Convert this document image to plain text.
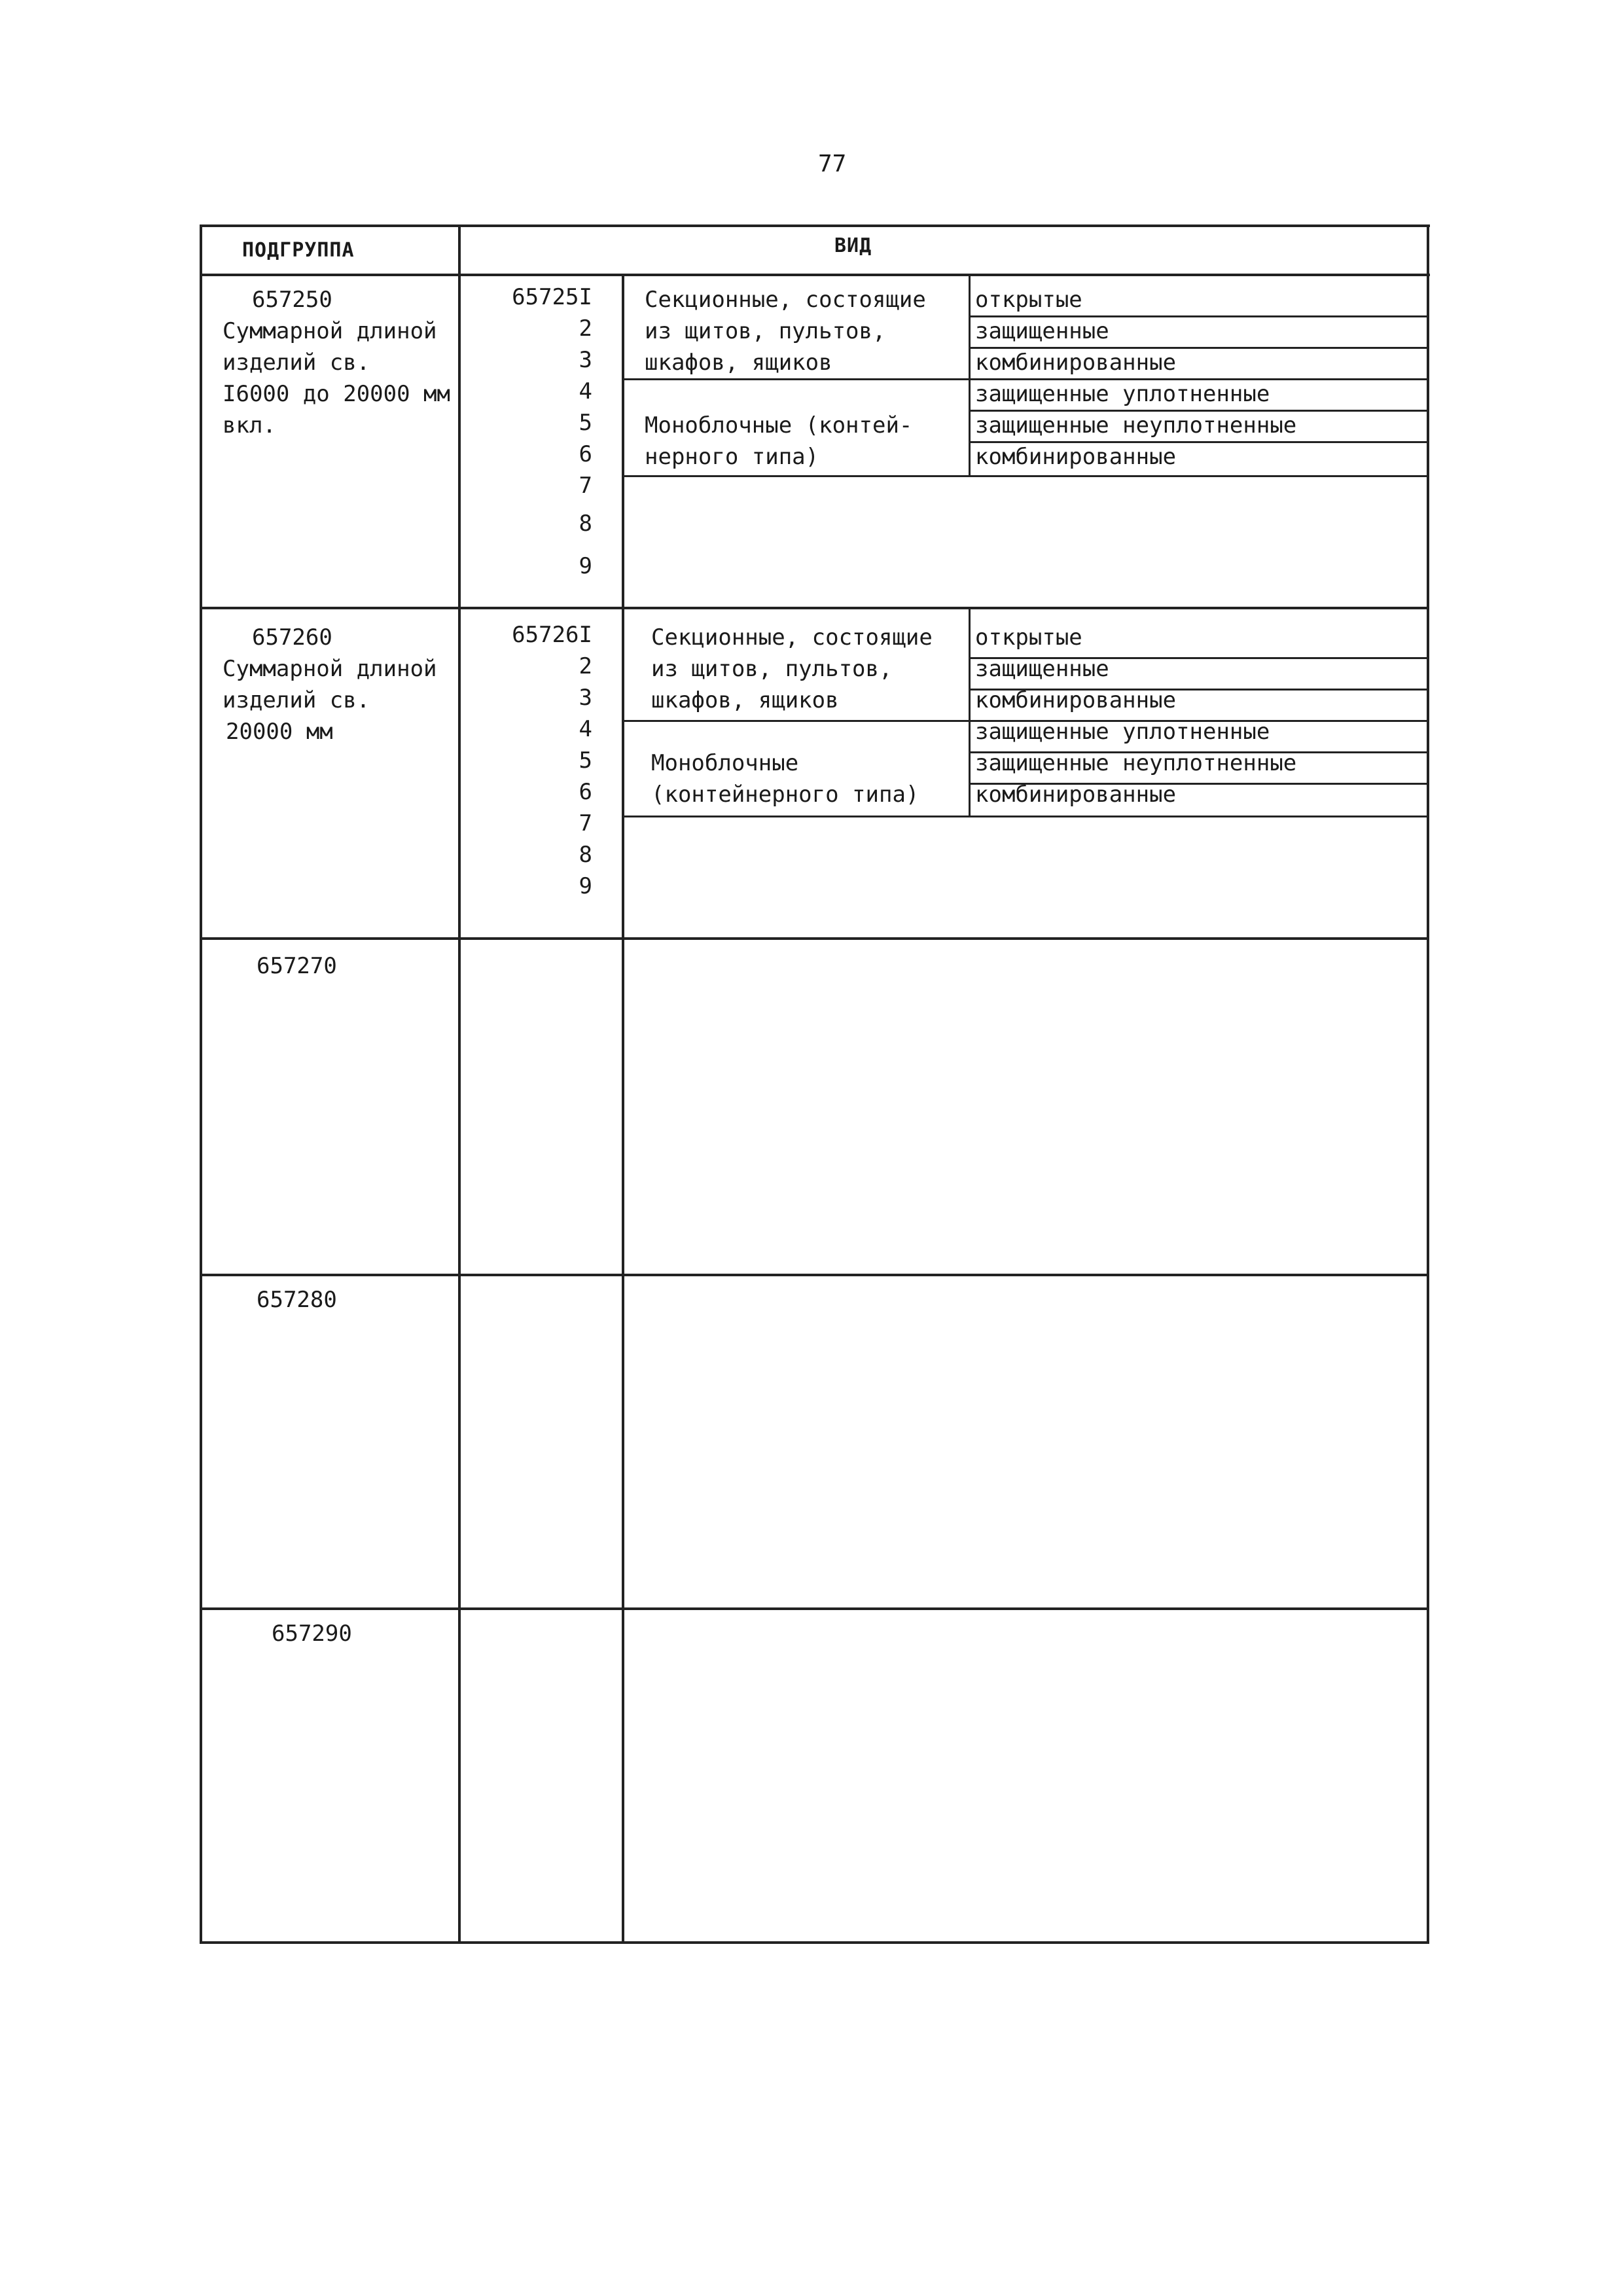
77
ПОДГРУППА	ВИД
657250
Суммарной длиной
изделий св.
I6000 до 20000 мм
вкл.
65725I
2
3
4
5
6
7
8
9
Секционные, состоящие
из щитов, пультов,
шкафов, ящиков
Моноблочные (контей-
нерного типа)
открытые
защищенные
комбинированные
защищенные уплотненные
защищенные неуплотненные
комбинированные
657260
Суммарной длиной
изделий св.
20000 мм
65726I
2
3
4
5
6
7
8
9
Секционные, состоящие
из щитов, пультов,
шкафов, ящиков
Моноблочные
(контейнерного типа)
открытые
защищенные
комбинированные
защищенные уплотненные
защищенные неуплотненные
комбинированные
657270
657280
657290
